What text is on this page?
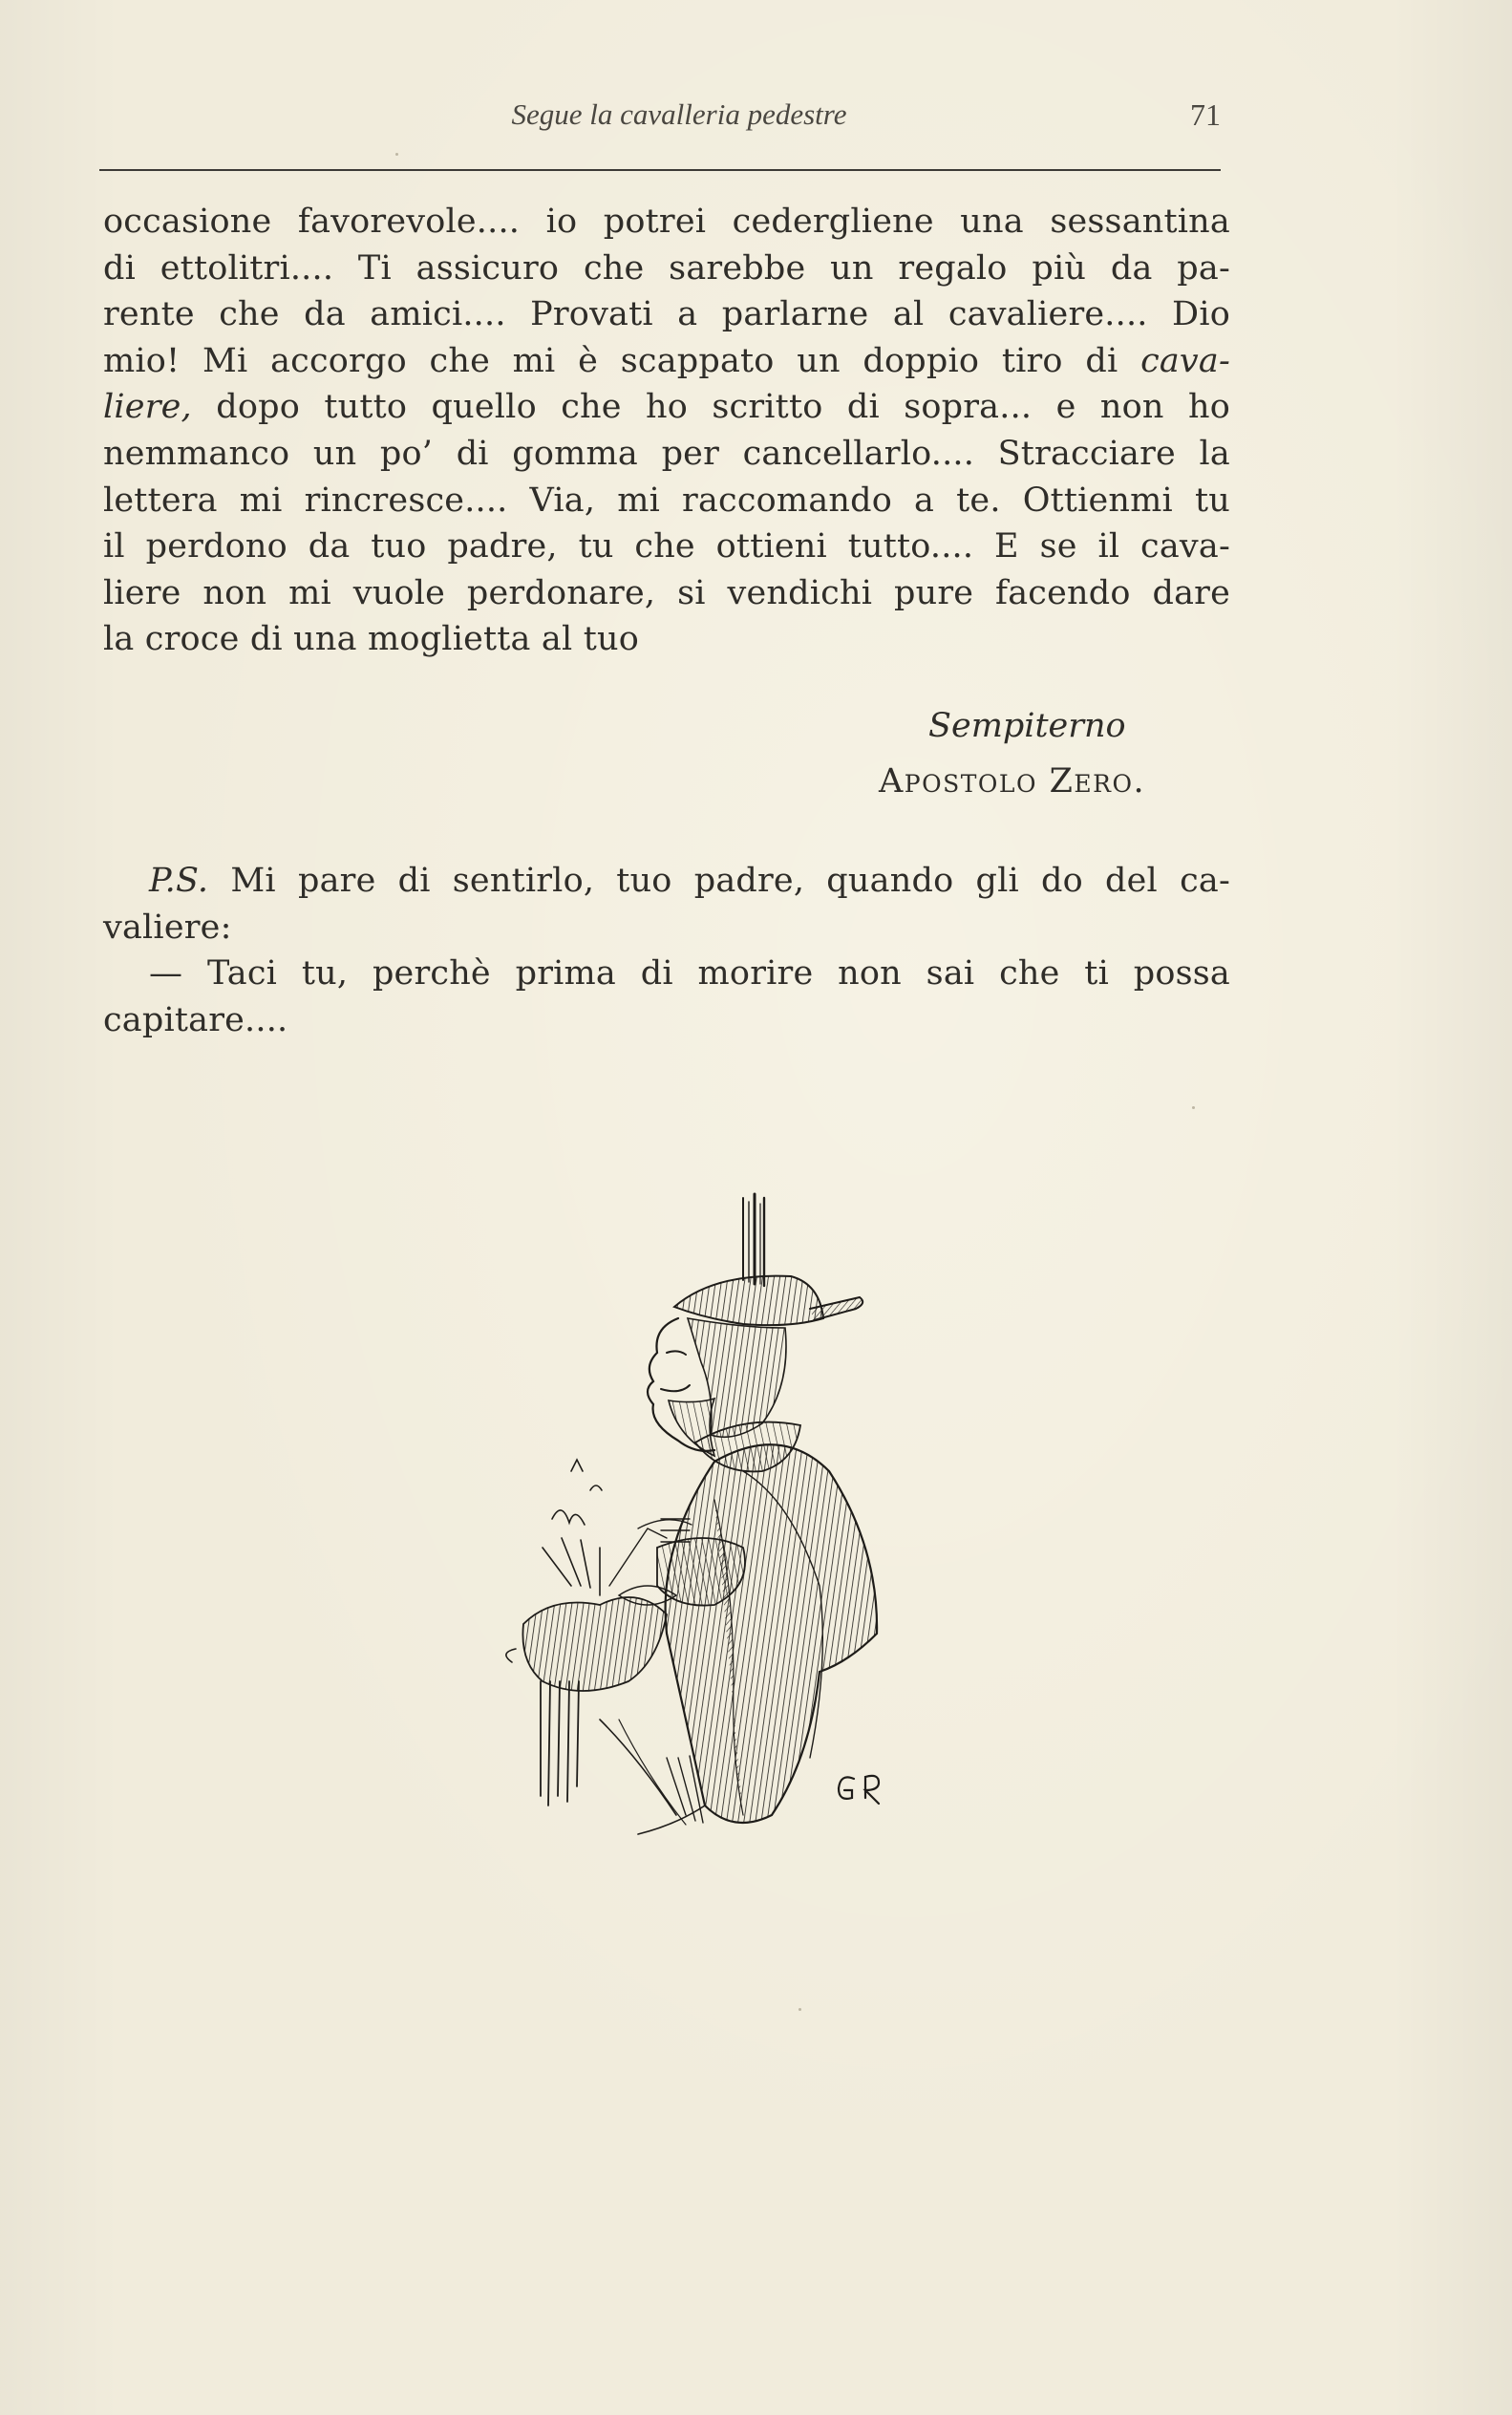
Segue la cavalleria pedestre	71
occasione favorevole.... io potrei cedergliene una sessantina
di ettolitri.... Ti assicuro che sarebbe un regalo più da pa-
rente che da amici.... Provati a parlarne al cavaliere.... Dio
mio! Mi accorgo che mi è scappato un doppio tiro di cava-
liere, dopo tutto quello che ho scritto di sopra... e non ho
nemmanco un po’ di gomma per cancellarlo.... Stracciare la
lettera mi rincresce.... Via, mi raccomando a te. Ottienmi tu
il perdono da tuo padre, tu che ottieni tutto.... E se il cava-
liere non mi vuole perdonare, si vendichi pure facendo dare
la croce di una moglietta al tuo
Sempiterno
Apostolo Zero.
P.S. Mi pare di sentirlo, tuo padre, quando gli do del ca-
valiere:
— Taci tu, perchè prima di morire non sai che ti possa
capitare....
